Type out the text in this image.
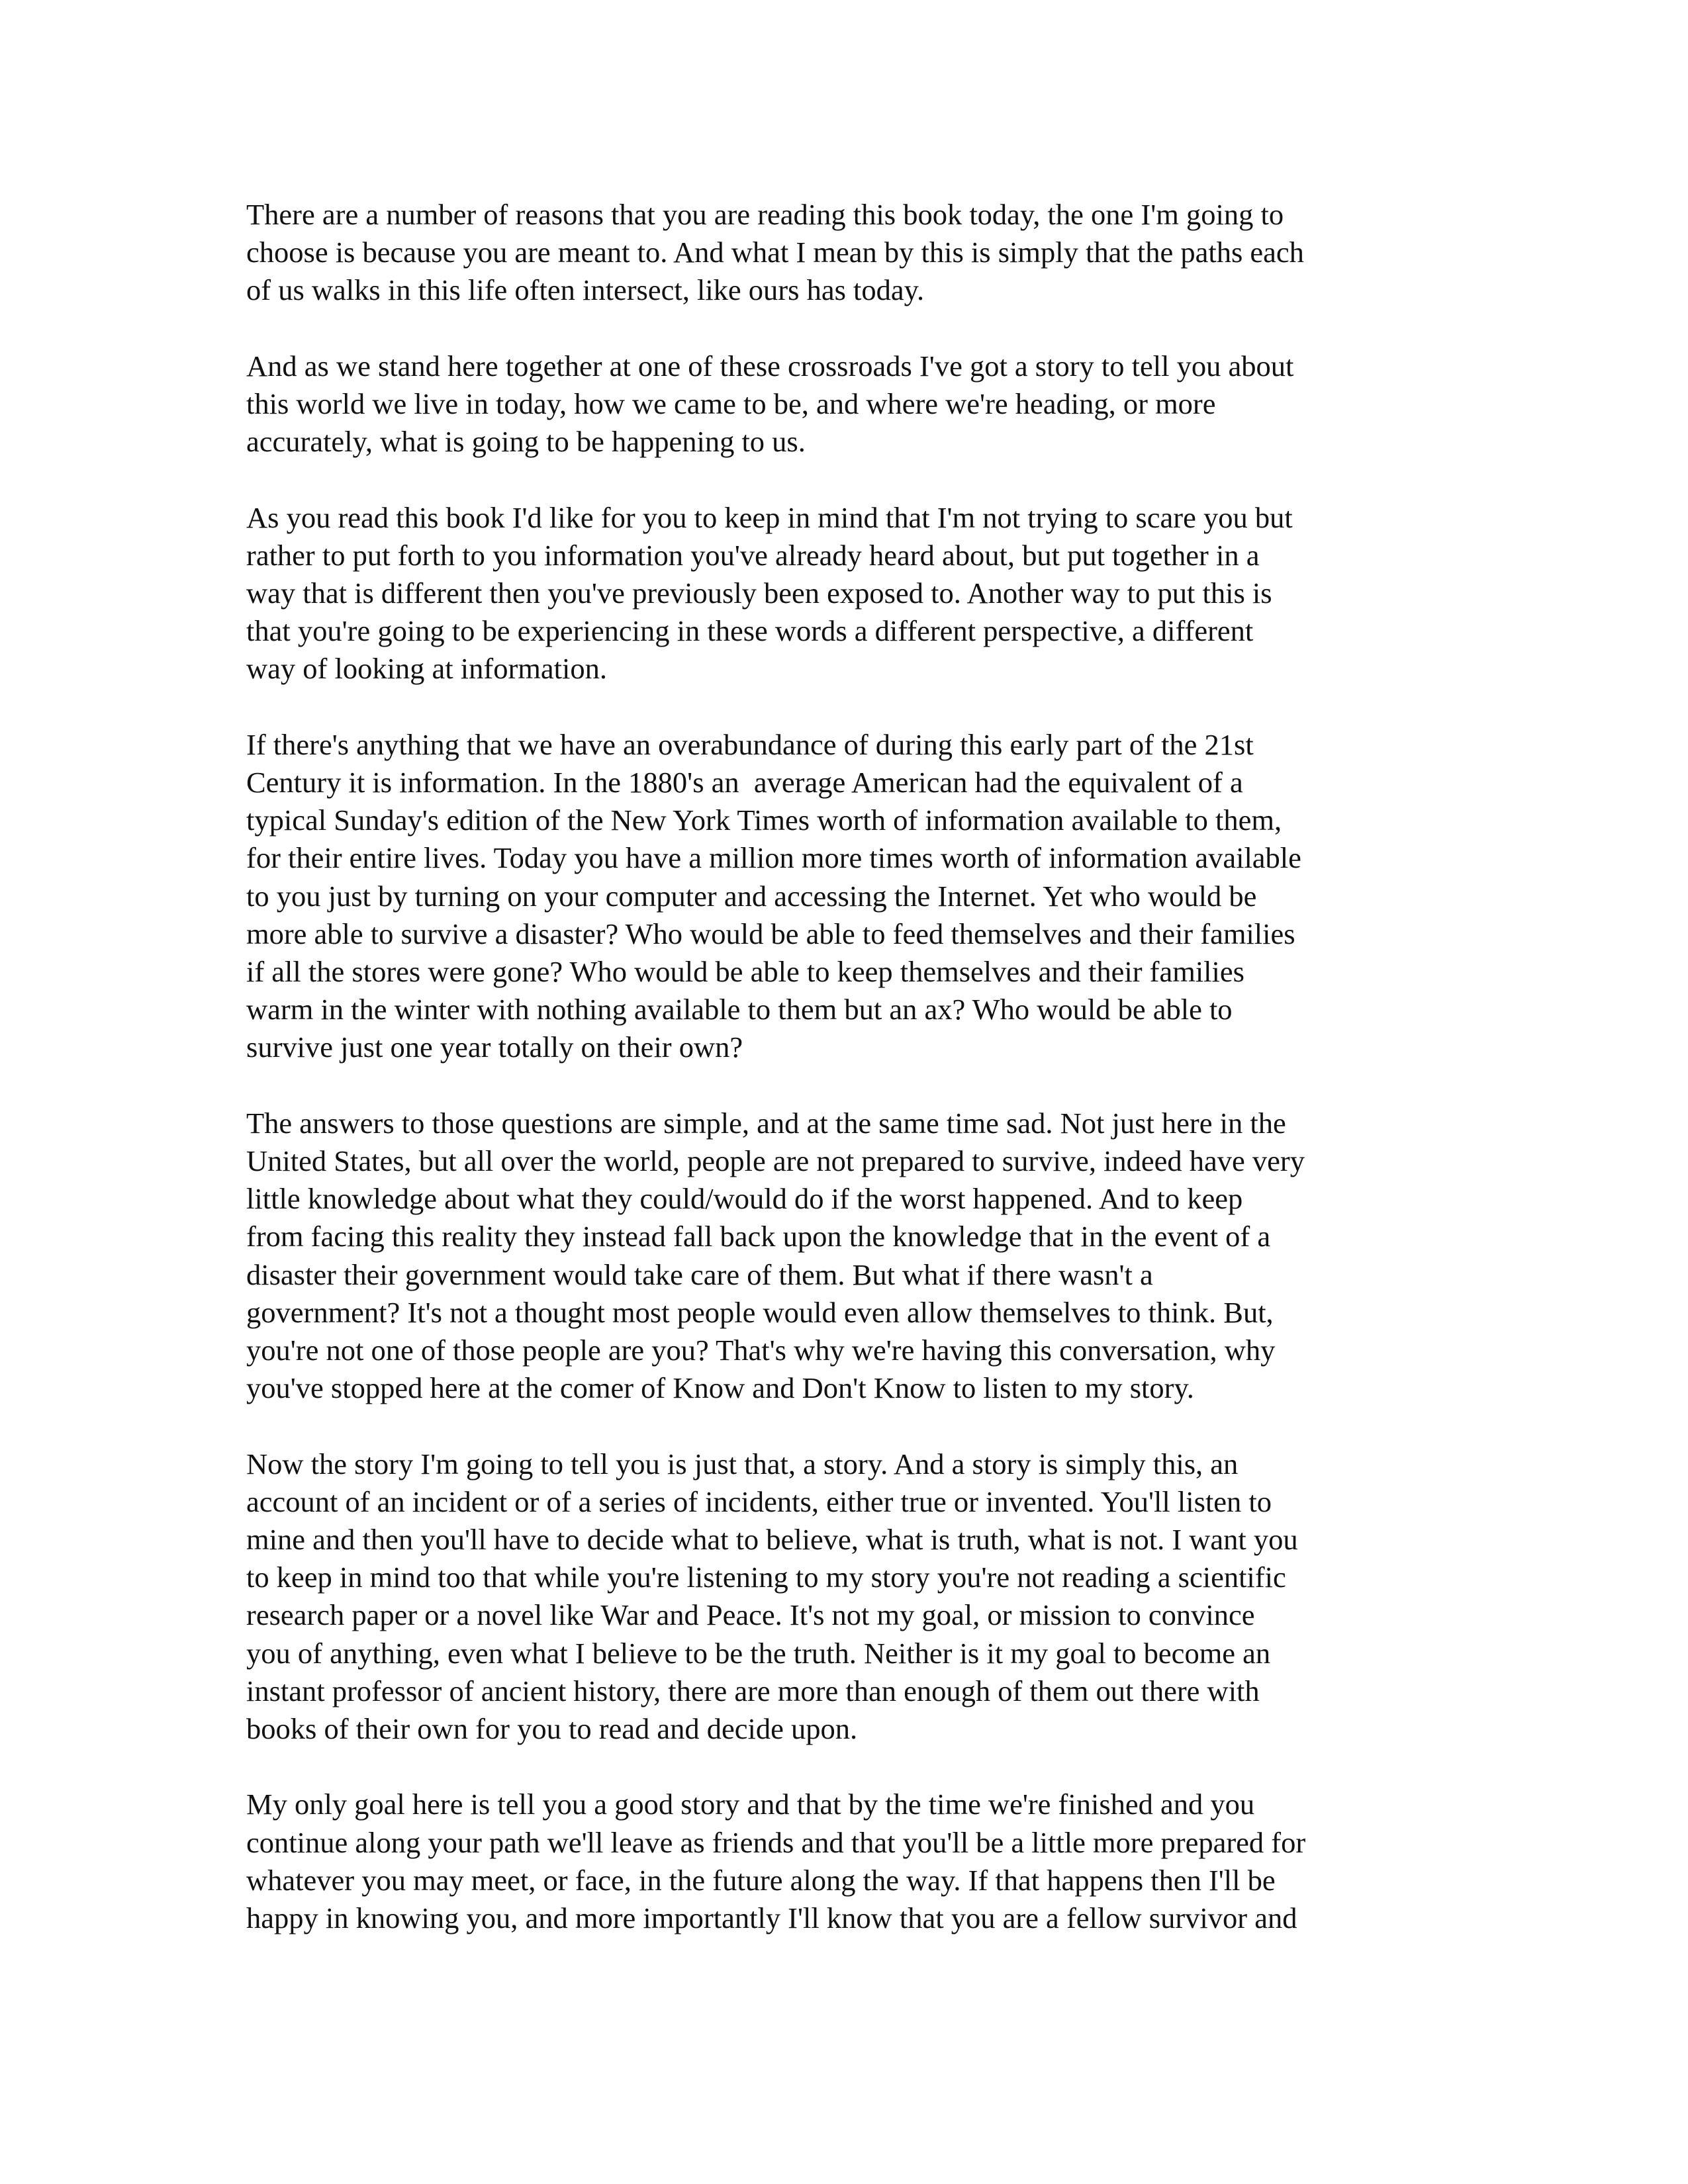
There are a number of reasons that you are reading this book today, the one I'm going to
choose is because you are meant to. And what I mean by this is simply that the paths each
of us walks in this life often intersect, like ours has today.

And as we stand here together at one of these crossroads I've got a story to tell you about
this world we live in today, how we came to be, and where we're heading, or more
accurately, what is going to be happening to us.

As you read this book I'd like for you to keep in mind that I'm not trying to scare you but
rather to put forth to you information you've already heard about, but put together in a
way that is different then you've previously been exposed to. Another way to put this is
that you're going to be experiencing in these words a different perspective, a different
way of looking at information.

If there's anything that we have an overabundance of during this early part of the 21st
Century it is information. In the 1880's an  average American had the equivalent of a
typical Sunday's edition of the New York Times worth of information available to them,
for their entire lives. Today you have a million more times worth of information available
to you just by turning on your computer and accessing the Internet. Yet who would be
more able to survive a disaster? Who would be able to feed themselves and their families
if all the stores were gone? Who would be able to keep themselves and their families
warm in the winter with nothing available to them but an ax? Who would be able to
survive just one year totally on their own?

The answers to those questions are simple, and at the same time sad. Not just here in the
United States, but all over the world, people are not prepared to survive, indeed have very
little knowledge about what they could/would do if the worst happened. And to keep
from facing this reality they instead fall back upon the knowledge that in the event of a
disaster their government would take care of them. But what if there wasn't a
government? It's not a thought most people would even allow themselves to think. But,
you're not one of those people are you? That's why we're having this conversation, why
you've stopped here at the comer of Know and Don't Know to listen to my story.

Now the story I'm going to tell you is just that, a story. And a story is simply this, an
account of an incident or of a series of incidents, either true or invented. You'll listen to
mine and then you'll have to decide what to believe, what is truth, what is not. I want you
to keep in mind too that while you're listening to my story you're not reading a scientific
research paper or a novel like War and Peace. It's not my goal, or mission to convince
you of anything, even what I believe to be the truth. Neither is it my goal to become an
instant professor of ancient history, there are more than enough of them out there with
books of their own for you to read and decide upon.

My only goal here is tell you a good story and that by the time we're finished and you
continue along your path we'll leave as friends and that you'll be a little more prepared for
whatever you may meet, or face, in the future along the way. If that happens then I'll be
happy in knowing you, and more importantly I'll know that you are a fellow survivor and
